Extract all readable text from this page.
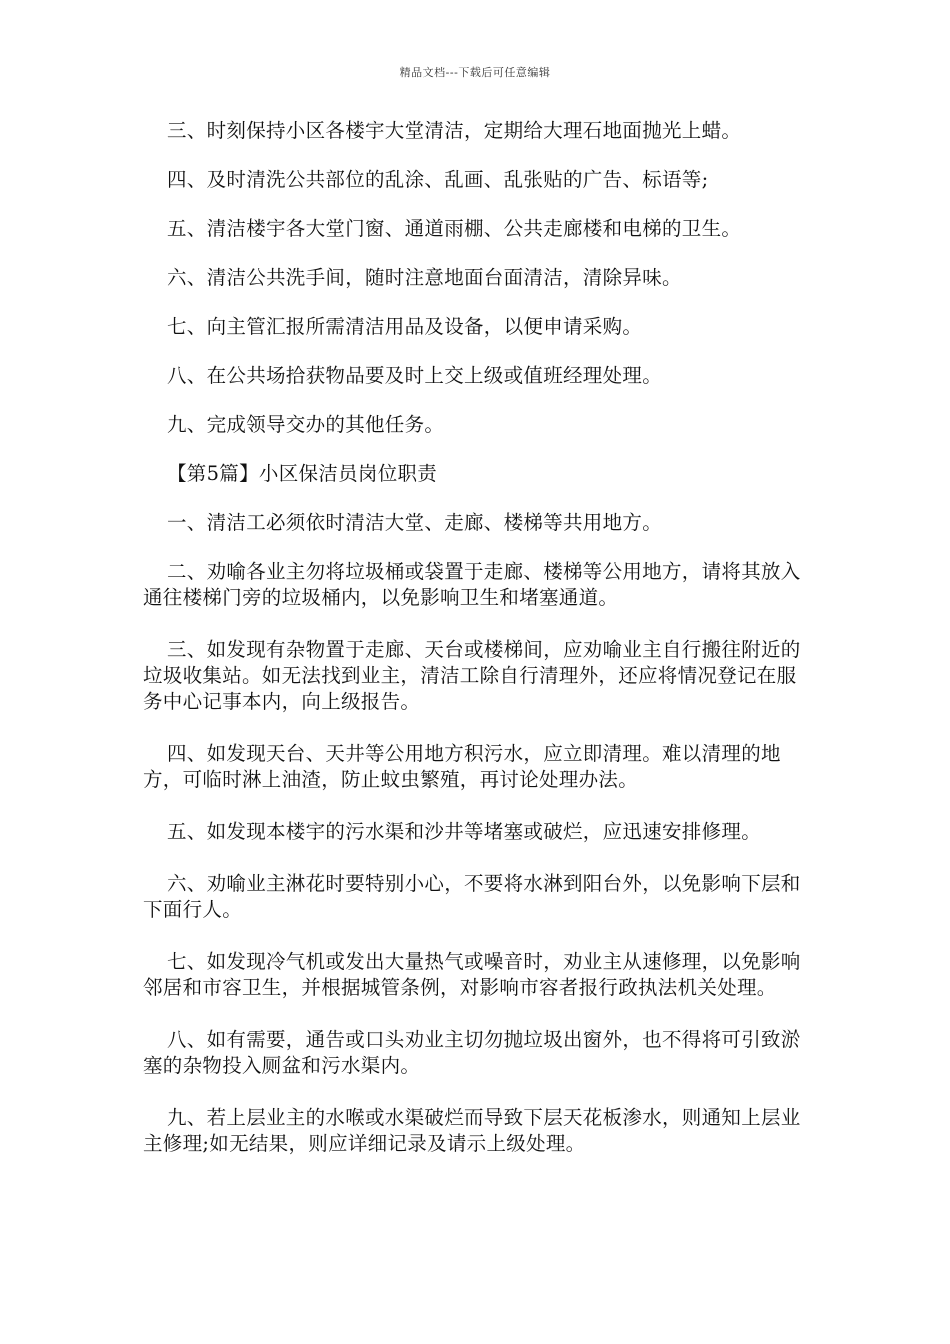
精品文档---下载后可任意编辑

三、时刻保持小区各楼宇大堂清洁，定期给大理石地面抛光上蜡。

四、及时清洗公共部位的乱涂、乱画、乱张贴的广告、标语等;

五、清洁楼宇各大堂门窗、通道雨棚、公共走廊楼和电梯的卫生。

六、清洁公共洗手间，随时注意地面台面清洁，清除异味。

七、向主管汇报所需清洁用品及设备，以便申请采购。

八、在公共场拾获物品要及时上交上级或值班经理处理。

九、完成领导交办的其他任务。

【第5篇】小区保洁员岗位职责

一、清洁工必须依时清洁大堂、走廊、楼梯等共用地方。

二、劝喻各业主勿将垃圾桶或袋置于走廊、楼梯等公用地方，请将其放入通往楼梯门旁的垃圾桶内，以免影响卫生和堵塞通道。

三、如发现有杂物置于走廊、天台或楼梯间，应劝喻业主自行搬往附近的垃圾收集站。如无法找到业主，清洁工除自行清理外，还应将情况登记在服务中心记事本内，向上级报告。

四、如发现天台、天井等公用地方积污水，应立即清理。难以清理的地方，可临时淋上油渣，防止蚊虫繁殖，再讨论处理办法。

五、如发现本楼宇的污水渠和沙井等堵塞或破烂，应迅速安排修理。

六、劝喻业主淋花时要特别小心，不要将水淋到阳台外，以免影响下层和下面行人。

七、如发现冷气机或发出大量热气或噪音时，劝业主从速修理，以免影响邻居和市容卫生，并根据城管条例，对影响市容者报行政执法机关处理。

八、如有需要，通告或口头劝业主切勿抛垃圾出窗外，也不得将可引致淤塞的杂物投入厕盆和污水渠内。

九、若上层业主的水喉或水渠破烂而导致下层天花板渗水，则通知上层业主修理;如无结果，则应详细记录及请示上级处理。
